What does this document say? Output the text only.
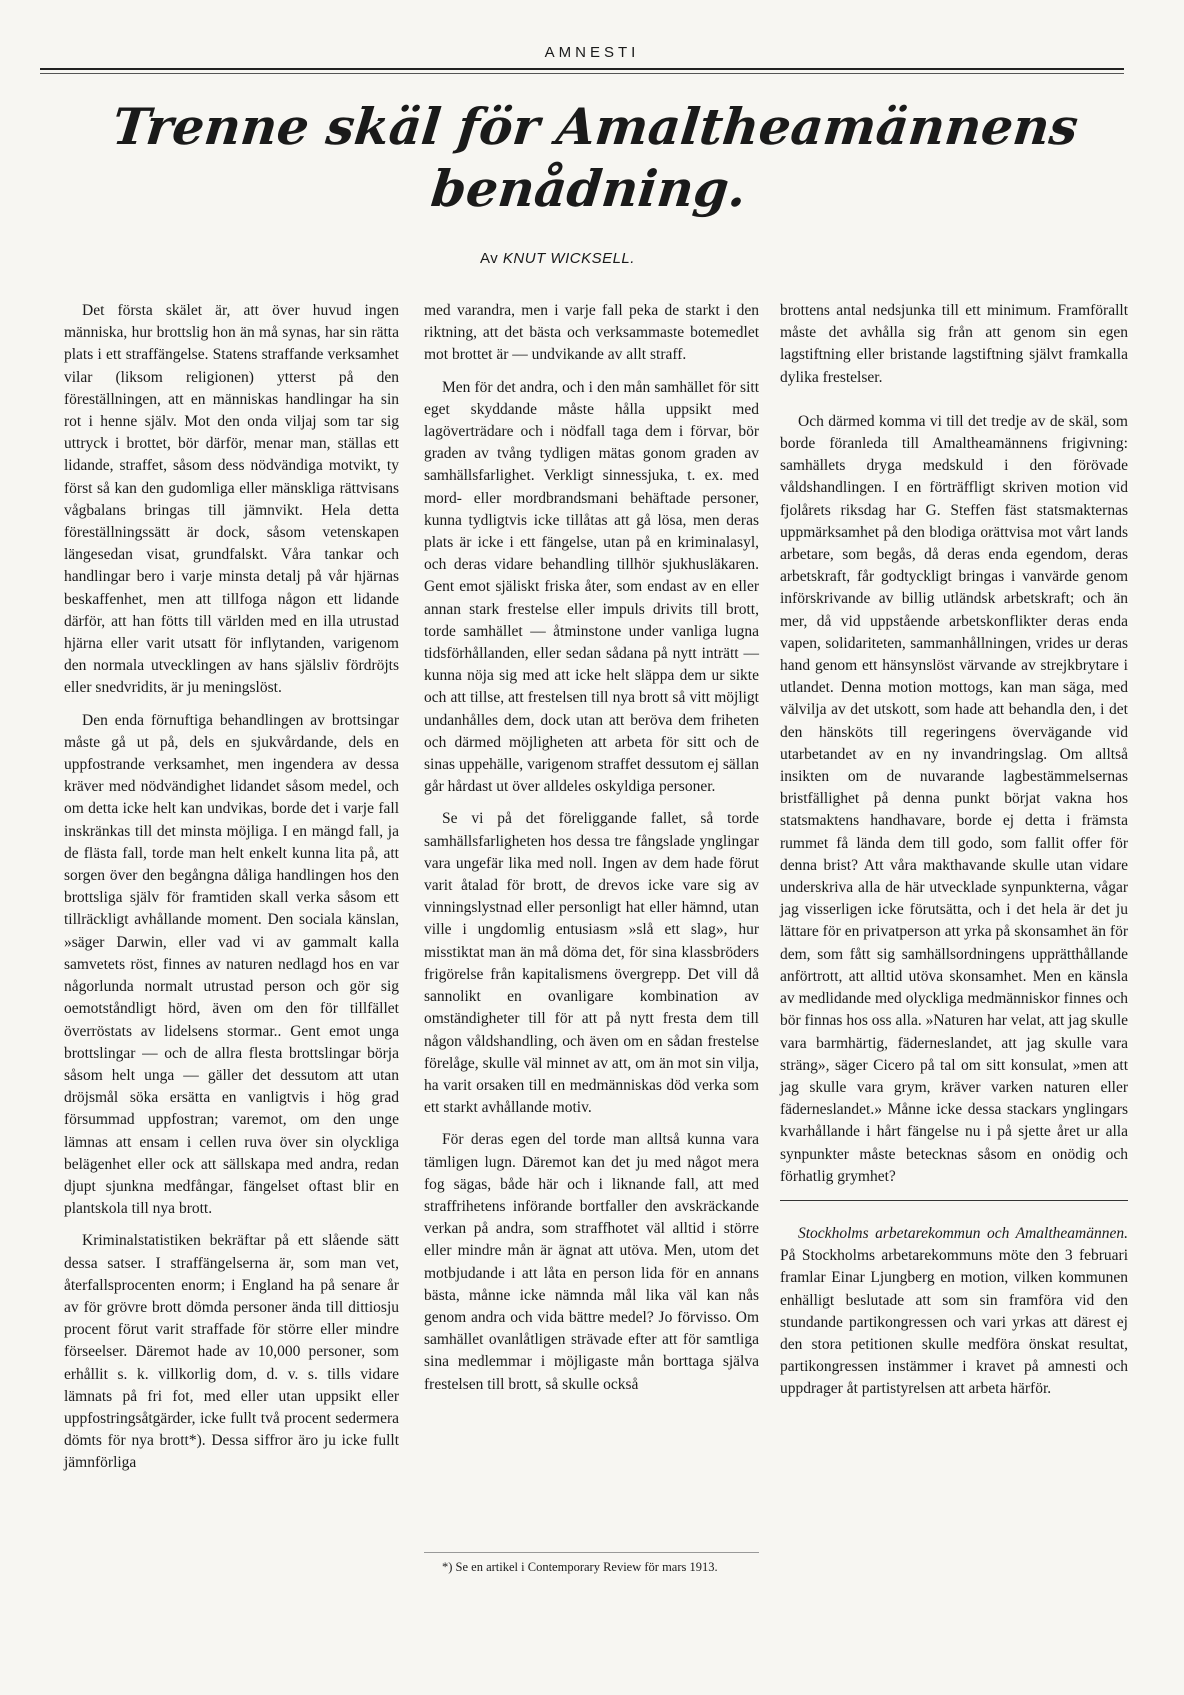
AMNESTI
Trenne skäl för Amaltheamännens
benådning.
Av KNUT WICKSELL.

Det första skälet är, att över huvud ingen människa, hur brottslig hon än må synas, har sin rätta plats i ett straffängelse. Statens straffande verksamhet vilar (liksom religionen) ytterst på den föreställningen, att en människas handlingar ha sin rot i henne själv. Mot den onda viljaj som tar sig uttryck i brottet, bör därför, menar man, ställas ett lidande, straffet, såsom dess nödvändiga motvikt, ty först så kan den gudomliga eller mänskliga rättvisans vågbalans bringas till jämnvikt. Hela detta föreställningssätt är dock, såsom vetenskapen längesedan visat, grundfalskt. Våra tankar och handlingar bero i varje minsta detalj på vår hjärnas beskaffenhet, men att tillfoga någon ett lidande därför, att han fötts till världen med en illa utrustad hjärna eller varit utsatt för inflytanden, varigenom den normala utvecklingen av hans själsliv fördröjts eller snedvridits, är ju meningslöst.

Den enda förnuftiga behandlingen av brottsingar måste gå ut på, dels en sjukvårdande, dels en uppfostrande verksamhet, men ingendera av dessa kräver med nödvändighet lidandet såsom medel, och om detta icke helt kan undvikas, borde det i varje fall inskränkas till det minsta möjliga. I en mängd fall, ja de flästa fall, torde man helt enkelt kunna lita på, att sorgen över den begångna dåliga handlingen hos den brottsliga själv för framtiden skall verka såsom ett tillräckligt avhållande moment. Den sociala känslan, »säger Darwin, eller vad vi av gammalt kalla samvetets röst, finnes av naturen nedlagd hos en var någorlunda normalt utrustad person och gör sig oemotståndligt hörd, även om den för tillfället överröstats av lidelsens stormar.. Gent emot unga brottslingar — och de allra flesta brottslingar börja såsom helt unga — gäller det dessutom att utan dröjsmål söka ersätta en vanligtvis i hög grad försummad uppfostran; varemot, om den unge lämnas att ensam i cellen ruva över sin olyckliga belägenhet eller ock att sällskapa med andra, redan djupt sjunkna medfångar, fängelset oftast blir en plantskola till nya brott.

Kriminalstatistiken bekräftar på ett slående sätt dessa satser. I straffängelserna är, som man vet, återfallsprocenten enorm; i England ha på senare år av för grövre brott dömda personer ända till dittiosju procent förut varit straffade för större eller mindre förseelser. Däremot hade av 10,000 personer, som erhållit s. k. villkorlig dom, d. v. s. tills vidare lämnats på fri fot, med eller utan uppsikt eller uppfostringsåtgärder, icke fullt två procent sedermera dömts för nya brott*). Dessa siffror äro ju icke fullt jämnförliga

med varandra, men i varje fall peka de starkt i den riktning, att det bästa och verksammaste botemedlet mot brottet är — undvikande av allt straff.

Men för det andra, och i den mån samhället för sitt eget skyddande måste hålla uppsikt med lagöverträdare och i nödfall taga dem i förvar, bör graden av tvång tydligen mätas gonom graden av samhällsfarlighet. Verkligt sinnessjuka, t. ex. med mord- eller mordbrandsmani behäftade personer, kunna tydligtvis icke tillåtas att gå lösa, men deras plats är icke i ett fängelse, utan på en kriminalasyl, och deras vidare behandling tillhör sjukhusläkaren. Gent emot själiskt friska åter, som endast av en eller annan stark frestelse eller impuls drivits till brott, torde samhället — åtminstone under vanliga lugna tidsförhållanden, eller sedan sådana på nytt inträtt — kunna nöja sig med att icke helt släppa dem ur sikte och att tillse, att frestelsen till nya brott så vitt möjligt undanhålles dem, dock utan att beröva dem friheten och därmed möjligheten att arbeta för sitt och de sinas uppehälle, varigenom straffet dessutom ej sällan går hårdast ut över alldeles oskyldiga personer.

Se vi på det föreliggande fallet, så torde samhällsfarligheten hos dessa tre fångslade ynglingar vara ungefär lika med noll. Ingen av dem hade förut varit åtalad för brott, de drevos icke vare sig av vinningslystnad eller personligt hat eller hämnd, utan ville i ungdomlig entusiasm »slå ett slag», hur misstiktat man än må döma det, för sina klassbröders frigörelse från kapitalismens övergrepp. Det vill då sannolikt en ovanligare kombination av omständigheter till för att på nytt fresta dem till någon våldshandling, och även om en sådan frestelse förelåge, skulle väl minnet av att, om än mot sin vilja, ha varit orsaken till en medmänniskas död verka som ett starkt avhållande motiv.

För deras egen del torde man alltså kunna vara tämligen lugn. Däremot kan det ju med något mera fog sägas, både här och i liknande fall, att med straffrihetens införande bortfaller den avskräckande verkan på andra, som straffhotet väl alltid i större eller mindre mån är ägnat att utöva. Men, utom det motbjudande i att låta en person lida för en annans bästa, månne icke nämnda mål lika väl kan nås genom andra och vida bättre medel? Jo förvisso. Om samhället ovanlåtligen strävade efter att för samtliga sina medlemmar i möjligaste mån borttaga själva frestelsen till brott, så skulle också

*) Se en artikel i Contemporary Review för mars 1913.

brottens antal nedsjunka till ett minimum. Framförallt måste det avhålla sig från att genom sin egen lagstiftning eller bristande lagstiftning självt framkalla dylika frestelser.

Och därmed komma vi till det tredje av de skäl, som borde föranleda till Amaltheamännens frigivning: samhällets dryga medskuld i den förövade våldshandlingen. I en förträffligt skriven motion vid fjolårets riksdag har G. Steffen fäst statsmakternas uppmärksamhet på den blodiga orättvisa mot vårt lands arbetare, som begås, då deras enda egendom, deras arbetskraft, får godtyckligt bringas i vanvärde genom införskrivande av billig utländsk arbetskraft; och än mer, då vid uppstående arbetskonflikter deras enda vapen, solidariteten, sammanhållningen, vrides ur deras hand genom ett hänsynslöst värvande av strejkbrytare i utlandet. Denna motion mottogs, kan man säga, med välvilja av det utskott, som hade att behandla den, i det den hänsköts till regeringens övervägande vid utarbetandet av en ny invandringslag. Om alltså insikten om de nuvarande lagbestämmelsernas bristfällighet på denna punkt börjat vakna hos statsmaktens handhavare, borde ej detta i främsta rummet få lända dem till godo, som fallit offer för denna brist? Att våra makthavande skulle utan vidare underskriva alla de här utvecklade synpunkterna, vågar jag visserligen icke förutsätta, och i det hela är det ju lättare för en privatperson att yrka på skonsamhet än för dem, som fått sig samhällsordningens upprätthållande anförtrott, att alltid utöva skonsamhet. Men en känsla av medlidande med olyckliga medmänniskor finnes och bör finnas hos oss alla. »Naturen har velat, att jag skulle vara barmhärtig, fäderneslandet, att jag skulle vara sträng», säger Cicero på tal om sitt konsulat, »men att jag skulle vara grym, kräver varken naturen eller fäderneslandet.» Månne icke dessa stackars ynglingars kvarhållande i hårt fängelse nu i på sjette året ur alla synpunkter måste betecknas såsom en onödig och förhatlig grymhet?

Stockholms arbetarekommun och Amaltheamännen. På Stockholms arbetarekommuns möte den 3 februari framlar Einar Ljungberg en motion, vilken kommunen enhälligt beslutade att som sin framföra vid den stundande partikongressen och vari yrkas att därest ej den stora petitionen skulle medföra önskat resultat, partikongressen instämmer i kravet på amnesti och uppdrager åt partistyrelsen att arbeta härför.
